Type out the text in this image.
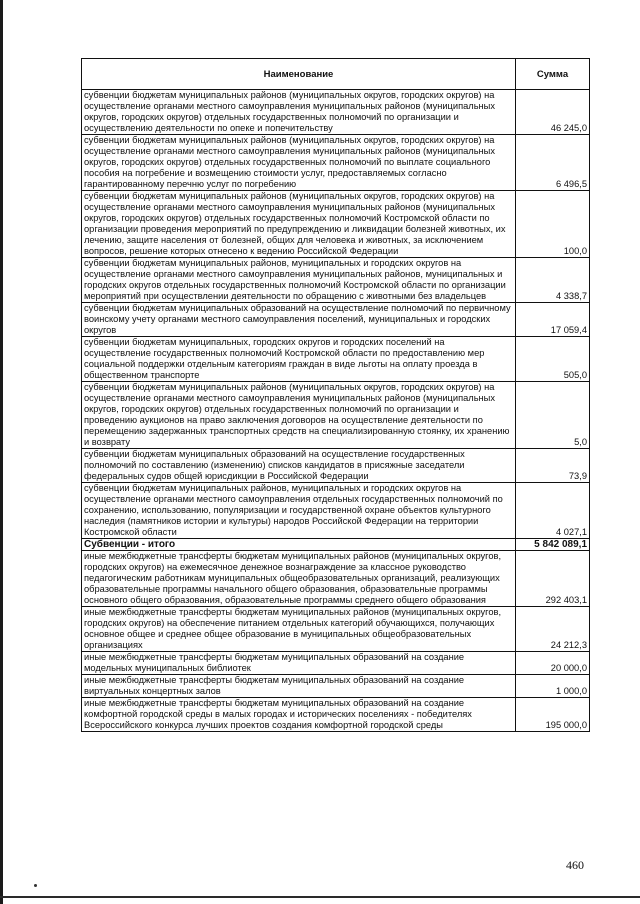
Наименование	Сумма
субвенции бюджетам муниципальных районов (муниципальных округов, городских округов) на осуществление органами местного самоуправления муниципальных районов (муниципальных округов, городских округов) отдельных государственных полномочий по организации и осуществлению деятельности по опеке и попечительству	46 245,0
субвенции бюджетам муниципальных районов (муниципальных округов, городских округов) на осуществление органами местного самоуправления муниципальных районов (муниципальных округов, городских округов) отдельных государственных полномочий по выплате социального пособия на погребение и возмещению стоимости услуг, предоставляемых согласно гарантированному перечню услуг по погребению	6 496,5
субвенции бюджетам муниципальных районов (муниципальных округов, городских округов) на осуществление органами местного самоуправления муниципальных районов (муниципальных округов, городских округов) отдельных государственных полномочий Костромской области по организации проведения мероприятий по предупреждению и ликвидации болезней животных, их лечению, защите населения от болезней, общих для человека и животных, за исключением вопросов, решение которых отнесено к ведению Российской Федерации	100,0
субвенции бюджетам муниципальных районов, муниципальных и городских округов на осуществление органами местного самоуправления муниципальных районов, муниципальных и городских округов отдельных государственных полномочий Костромской области по организации мероприятий при осуществлении деятельности по обращению с животными без владельцев	4 338,7
субвенции бюджетам муниципальных образований на осуществление полномочий по первичному воинскому учету органами местного самоуправления поселений, муниципальных и городских округов	17 059,4
субвенции бюджетам муниципальных, городских округов и городских поселений на осуществление государственных полномочий Костромской области по предоставлению мер социальной поддержки отдельным категориям граждан в виде льготы на оплату проезда в общественном транспорте	505,0
субвенции бюджетам муниципальных районов (муниципальных округов, городских округов) на осуществление органами местного самоуправления муниципальных районов (муниципальных округов, городских округов) отдельных государственных полномочий по организации и проведению аукционов на право заключения договоров на осуществление деятельности по перемещению задержанных транспортных средств на специализированную стоянку, их хранению и возврату	5,0
субвенции бюджетам муниципальных образований на осуществление государственных полномочий по составлению (изменению) списков кандидатов в присяжные заседатели федеральных судов общей юрисдикции в Российской Федерации	73,9
субвенции бюджетам муниципальных районов, муниципальных и городских округов на осуществление органами местного самоуправления отдельных государственных полномочий по сохранению, использованию, популяризации и государственной охране объектов культурного наследия (памятников истории и культуры) народов Российской Федерации на территории Костромской области	4 027,1
Субвенции - итого	5 842 089,1
иные межбюджетные трансферты бюджетам муниципальных районов (муниципальных округов, городских округов) на ежемесячное денежное вознаграждение за классное руководство педагогическим работникам муниципальных общеобразовательных организаций, реализующих образовательные программы начального общего образования, образовательные программы основного общего образования, образовательные программы среднего общего образования	292 403,1
иные межбюджетные трансферты бюджетам муниципальных районов (муниципальных округов, городских округов) на обеспечение питанием отдельных категорий обучающихся, получающих основное общее и среднее общее образование в муниципальных общеобразовательных организациях	24 212,3
иные межбюджетные трансферты бюджетам муниципальных образований на создание модельных муниципальных библиотек	20 000,0
иные межбюджетные трансферты бюджетам муниципальных образований на создание виртуальных концертных залов	1 000,0
иные межбюджетные трансферты бюджетам муниципальных образований на создание комфортной городской среды в малых городах и исторических поселениях - победителях Всероссийского конкурса лучших проектов создания комфортной городской среды	195 000,0
460
